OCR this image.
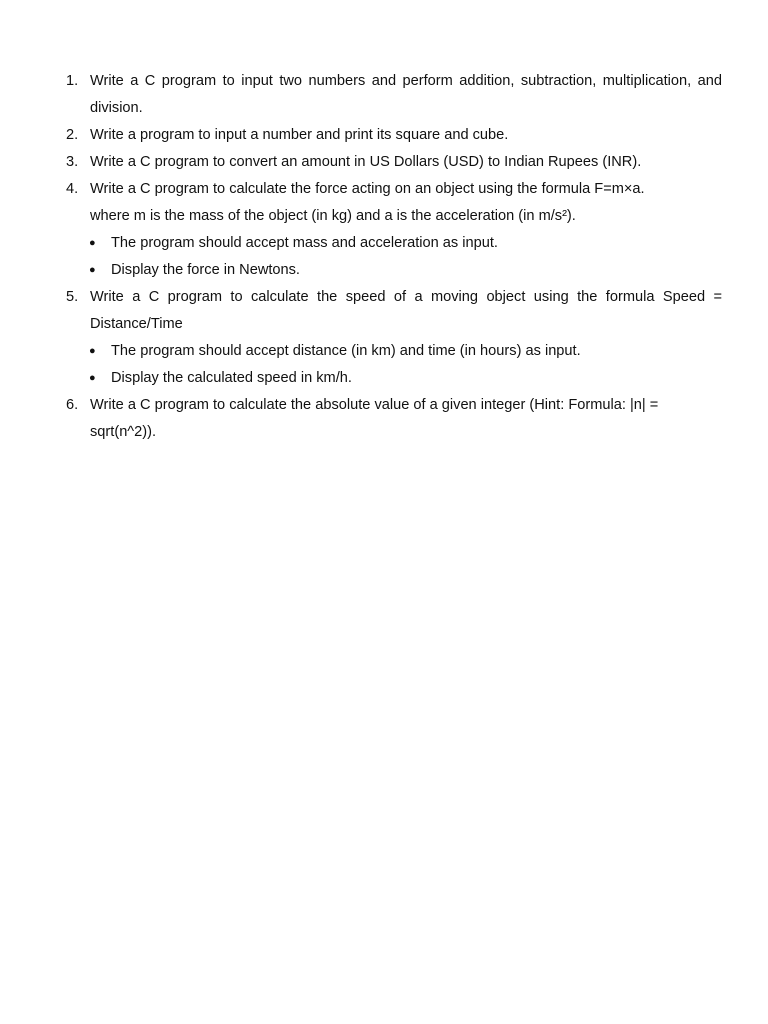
1. Write a C program to input two numbers and perform addition, subtraction, multiplication, and division.
2. Write a program to input a number and print its square and cube.
3. Write a C program to convert an amount in US Dollars (USD) to Indian Rupees (INR).
4. Write a C program to calculate the force acting on an object using the formula F=m×a.
where m is the mass of the object (in kg) and a is the acceleration (in m/s²).
● The program should accept mass and acceleration as input.
● Display the force in Newtons.
5. Write a C program to calculate the speed of a moving object using the formula Speed = Distance/Time
● The program should accept distance (in km) and time (in hours) as input.
● Display the calculated speed in km/h.
6. Write a C program to calculate the absolute value of a given integer (Hint: Formula: |n| = sqrt(n^2)).
